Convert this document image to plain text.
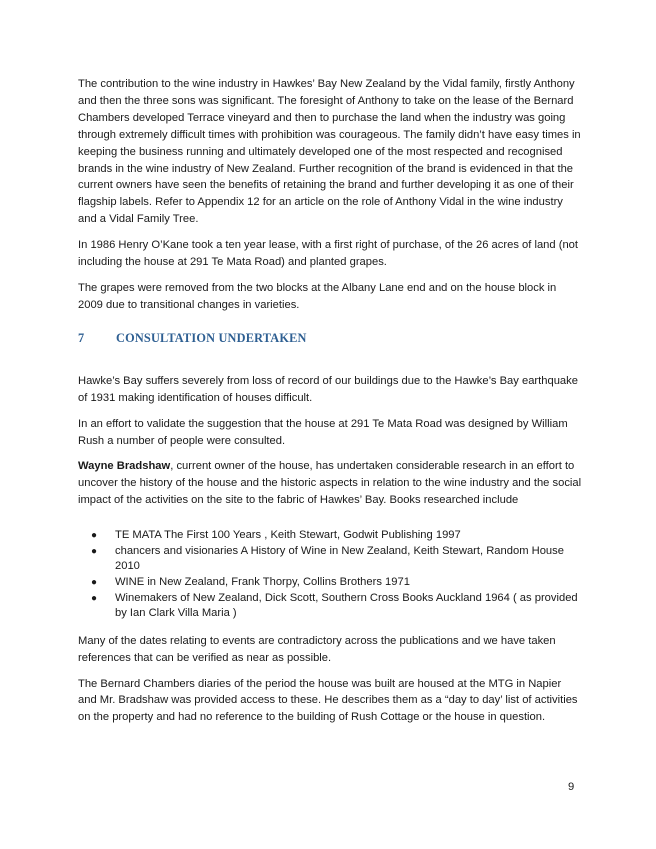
The contribution to the wine industry in Hawkes’ Bay New Zealand by the Vidal family, firstly Anthony and then the three sons was significant. The foresight of Anthony to take on the lease of the Bernard Chambers developed Terrace vineyard and then to purchase the land when the industry was going through extremely difficult times with prohibition was courageous. The family didn’t have easy times in keeping the business running and ultimately developed one of the most respected and recognised brands in the wine industry of New Zealand. Further recognition of the brand is evidenced in that the current owners have seen the benefits of retaining the brand and further developing it as one of their flagship labels. Refer to Appendix 12 for an article on the role of Anthony Vidal in the wine industry and a Vidal Family Tree.

In 1986 Henry O’Kane took a ten year lease, with a first right of purchase, of the 26 acres of land (not including the house at 291 Te Mata Road) and planted grapes.

The grapes were removed from the two blocks at the Albany Lane end and on the house block in 2009 due to transitional changes in varieties.

7	CONSULTATION UNDERTAKEN

Hawke’s Bay suffers severely from loss of record of our buildings due to the Hawke’s Bay earthquake of 1931 making identification of houses difficult.

In an effort to validate the suggestion that the house at 291 Te Mata Road was designed by William Rush a number of people were consulted.

Wayne Bradshaw, current owner of the house, has undertaken considerable research in an effort to uncover the history of the house and the historic aspects in relation to the wine industry and the social impact of the activities on the site to the fabric of Hawkes’ Bay. Books researched include

● TE MATA The First 100 Years , Keith Stewart, Godwit Publishing 1997
● chancers and visionaries A History of Wine in New Zealand, Keith Stewart, Random House 2010
● WINE in New Zealand, Frank Thorpy, Collins Brothers 1971
● Winemakers of New Zealand, Dick Scott, Southern Cross Books Auckland 1964 ( as provided by Ian Clark Villa Maria )

Many of the dates relating to events are contradictory across the publications and we have taken references that can be verified as near as possible.

The Bernard Chambers diaries of the period the house was built are housed at the MTG in Napier and Mr. Bradshaw was provided access to these. He describes them as a “day to day’ list of activities on the property and had no reference to the building of Rush Cottage or the house in question.

9
